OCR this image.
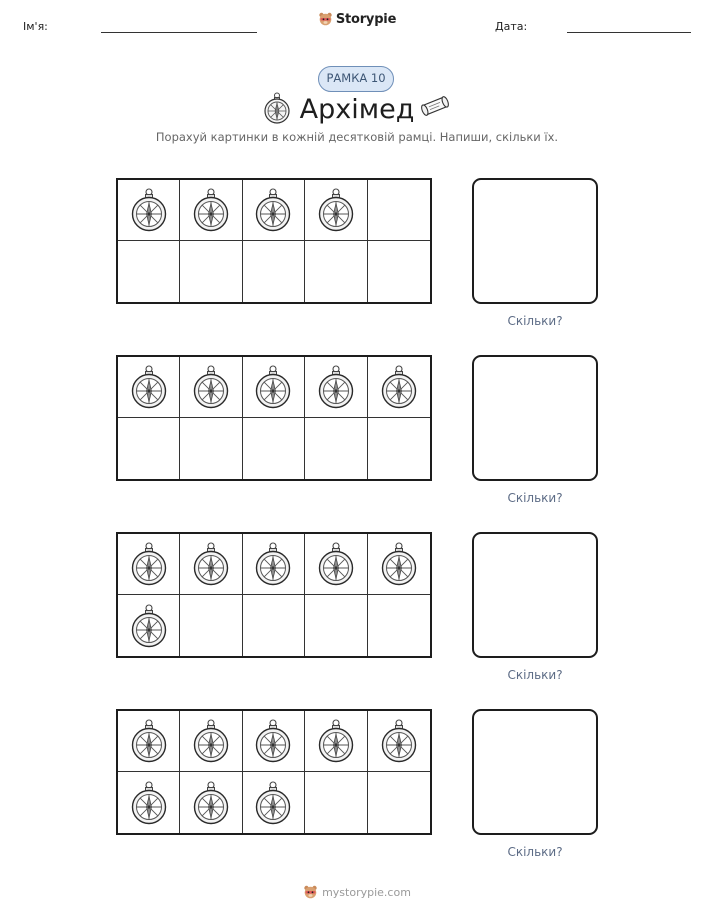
Ім'я:	Storypie	Дата:
РАМКА 10
Архімед
Порахуй картинки в кожній десятковій рамці. Напиши, скільки їх.
Скільки?
Скільки?
Скільки?
Скільки?
mystorypie.com
